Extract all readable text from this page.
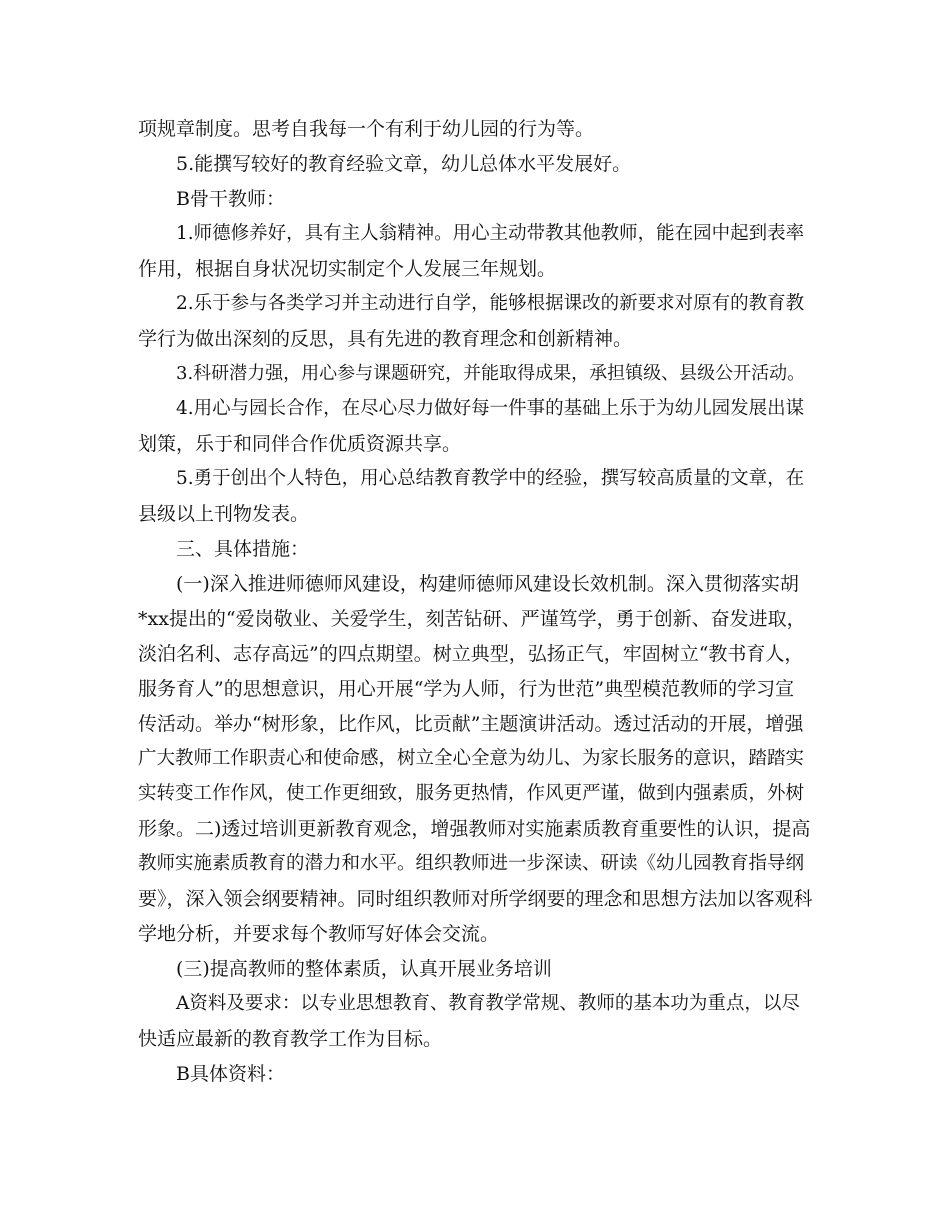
项规章制度。思考自我每一个有利于幼儿园的行为等。
5.能撰写较好的教育经验文章，幼儿总体水平发展好。
B骨干教师：
1.师德修养好，具有主人翁精神。用心主动带教其他教师，能在园中起到表率
作用，根据自身状况切实制定个人发展三年规划。
2.乐于参与各类学习并主动进行自学，能够根据课改的新要求对原有的教育教
学行为做出深刻的反思，具有先进的教育理念和创新精神。
3.科研潜力强，用心参与课题研究，并能取得成果，承担镇级、县级公开活动。
4.用心与园长合作，在尽心尽力做好每一件事的基础上乐于为幼儿园发展出谋
划策，乐于和同伴合作优质资源共享。
5.勇于创出个人特色，用心总结教育教学中的经验，撰写较高质量的文章，在
县级以上刊物发表。
三、具体措施：
(一)深入推进师德师风建设，构建师德师风建设长效机制。深入贯彻落实胡
*xx提出的“爱岗敬业、关爱学生，刻苦钻研、严谨笃学，勇于创新、奋发进取，
淡泊名利、志存高远”的四点期望。树立典型，弘扬正气，牢固树立“教书育人，
服务育人”的思想意识，用心开展“学为人师，行为世范”典型模范教师的学习宣
传活动。举办“树形象，比作风，比贡献”主题演讲活动。透过活动的开展，增强
广大教师工作职责心和使命感，树立全心全意为幼儿、为家长服务的意识，踏踏实
实转变工作作风，使工作更细致，服务更热情，作风更严谨，做到内强素质，外树
形象。二)透过培训更新教育观念，增强教师对实施素质教育重要性的认识，提高
教师实施素质教育的潜力和水平。组织教师进一步深读、研读《幼儿园教育指导纲
要》，深入领会纲要精神。同时组织教师对所学纲要的理念和思想方法加以客观科
学地分析，并要求每个教师写好体会交流。
(三)提高教师的整体素质，认真开展业务培训
A资料及要求：以专业思想教育、教育教学常规、教师的基本功为重点，以尽
快适应最新的教育教学工作为目标。
B具体资料：
